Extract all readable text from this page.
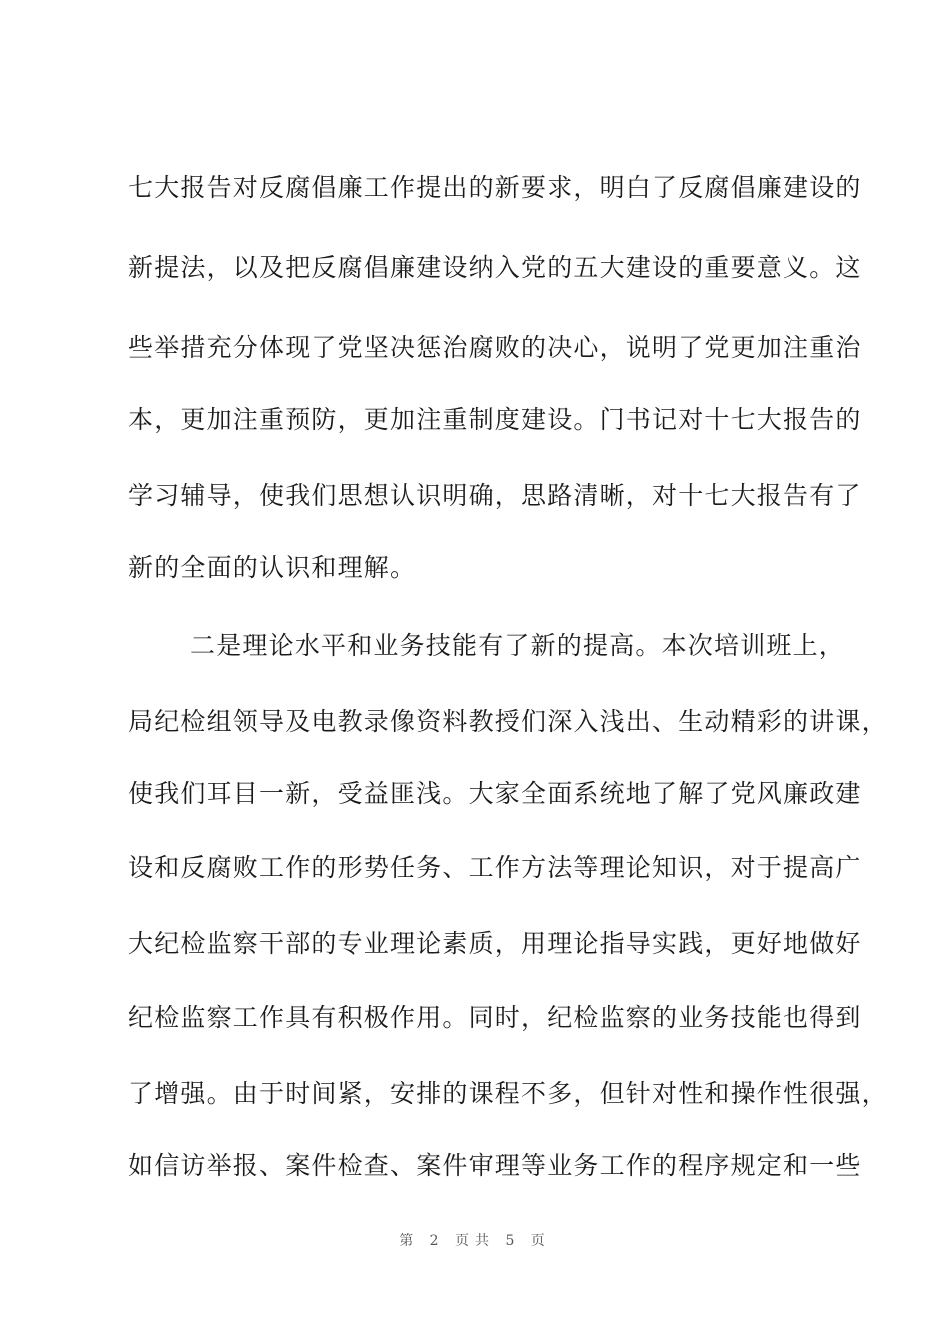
七大报告对反腐倡廉工作提出的新要求，明白了反腐倡廉建设的
新提法，以及把反腐倡廉建设纳入党的五大建设的重要意义。这
些举措充分体现了党坚决惩治腐败的决心，说明了党更加注重治
本，更加注重预防，更加注重制度建设。门书记对十七大报告的
学习辅导，使我们思想认识明确，思路清晰，对十七大报告有了
新的全面的认识和理解。
二是理论水平和业务技能有了新的提高。本次培训班上，
局纪检组领导及电教录像资料教授们深入浅出、生动精彩的讲课，
使我们耳目一新，受益匪浅。大家全面系统地了解了党风廉政建
设和反腐败工作的形势任务、工作方法等理论知识，对于提高广
大纪检监察干部的专业理论素质，用理论指导实践，更好地做好
纪检监察工作具有积极作用。同时，纪检监察的业务技能也得到
了增强。由于时间紧，安排的课程不多，但针对性和操作性很强，
如信访举报、案件检查、案件审理等业务工作的程序规定和一些
第 2 页共 5 页
